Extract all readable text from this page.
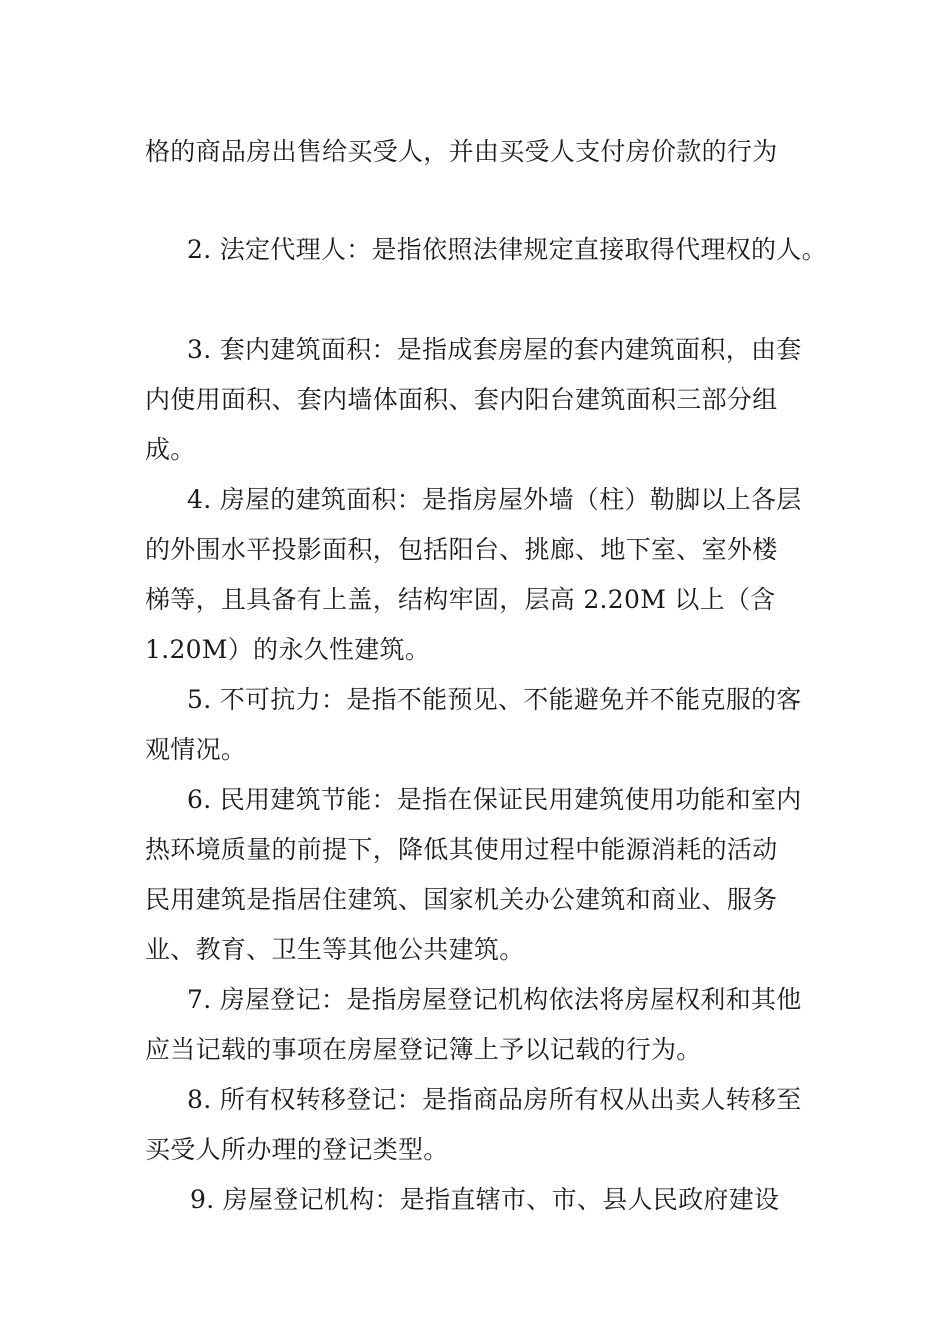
格的商品房出售给买受人，并由买受人支付房价款的行为
2. 法定代理人：是指依照法律规定直接取得代理权的人。
3. 套内建筑面积：是指成套房屋的套内建筑面积，由套
内使用面积、套内墙体面积、套内阳台建筑面积三部分组
成。
4. 房屋的建筑面积：是指房屋外墙（柱）勒脚以上各层
的外围水平投影面积，包括阳台、挑廊、地下室、室外楼
梯等，且具备有上盖，结构牢固，层高 2.20M 以上（含
1.20M）的永久性建筑。
5. 不可抗力：是指不能预见、不能避免并不能克服的客
观情况。
6. 民用建筑节能：是指在保证民用建筑使用功能和室内
热环境质量的前提下，降低其使用过程中能源消耗的活动
民用建筑是指居住建筑、国家机关办公建筑和商业、服务
业、教育、卫生等其他公共建筑。
7. 房屋登记：是指房屋登记机构依法将房屋权利和其他
应当记载的事项在房屋登记簿上予以记载的行为。
8. 所有权转移登记：是指商品房所有权从出卖人转移至
买受人所办理的登记类型。
9. 房屋登记机构：是指直辖市、市、县人民政府建设
